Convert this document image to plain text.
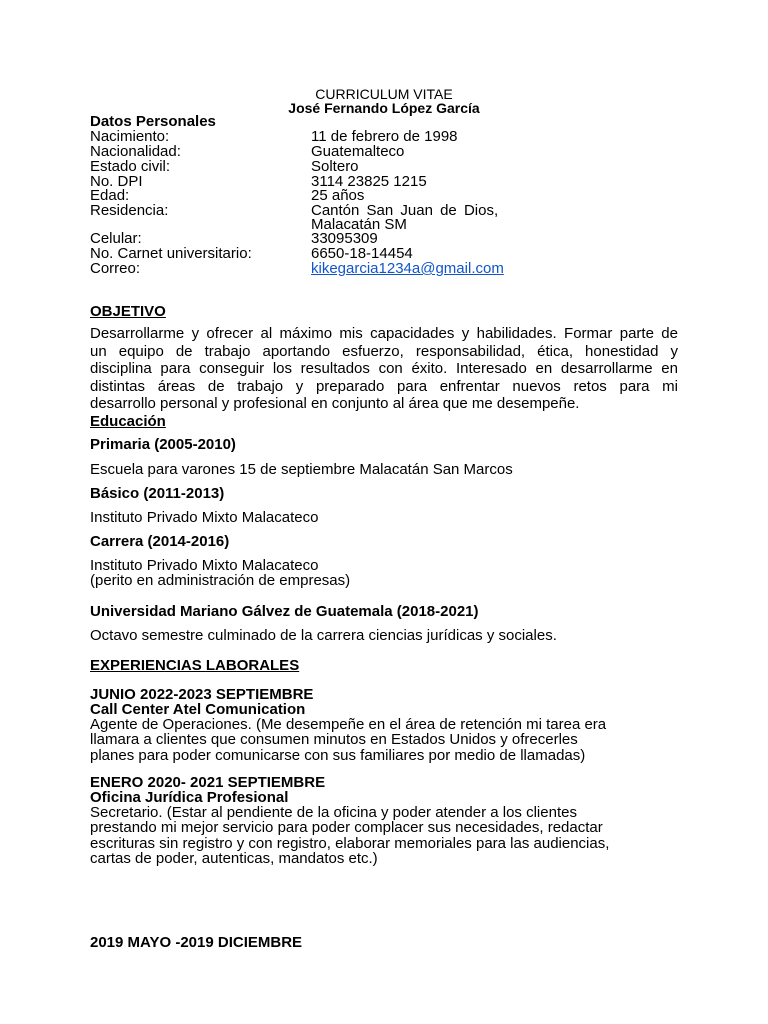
CURRICULUM VITAE
José Fernando López García
Datos Personales
Nacimiento:	11 de febrero de 1998
Nacionalidad:	Guatemalteco
Estado civil:	Soltero
No. DPI	3114 23825 1215
Edad:	25 años
Residencia:	Cantón San Juan de Dios,
Malacatán SM
Celular:	33095309
No. Carnet universitario:	6650-18-14454
Correo:	kikegarcia1234a@gmail.com
OBJETIVO
Desarrollarme y ofrecer al máximo mis capacidades y habilidades. Formar parte de
un equipo de trabajo aportando esfuerzo, responsabilidad, ética, honestidad y
disciplina para conseguir los resultados con éxito. Interesado en desarrollarme en
distintas áreas de trabajo y preparado para enfrentar nuevos retos para mi
desarrollo personal y profesional en conjunto al área que me desempeñe.
Educación
Primaria (2005-2010)
Escuela para varones 15 de septiembre Malacatán San Marcos
Básico (2011-2013)
Instituto Privado Mixto Malacateco
Carrera (2014-2016)
Instituto Privado Mixto Malacateco
(perito en administración de empresas)
Universidad Mariano Gálvez de Guatemala (2018-2021)
Octavo semestre culminado de la carrera ciencias jurídicas y sociales.
EXPERIENCIAS LABORALES
JUNIO 2022-2023 SEPTIEMBRE
Call Center Atel Comunication
Agente de Operaciones. (Me desempeñe en el área de retención mi tarea era
llamara a clientes que consumen minutos en Estados Unidos y ofrecerles
planes para poder comunicarse con sus familiares por medio de llamadas)
ENERO 2020- 2021 SEPTIEMBRE
Oficina Jurídica Profesional
Secretario. (Estar al pendiente de la oficina y poder atender a los clientes
prestando mi mejor servicio para poder complacer sus necesidades, redactar
escrituras sin registro y con registro, elaborar memoriales para las audiencias,
cartas de poder, autenticas, mandatos etc.)
2019 MAYO -2019 DICIEMBRE
